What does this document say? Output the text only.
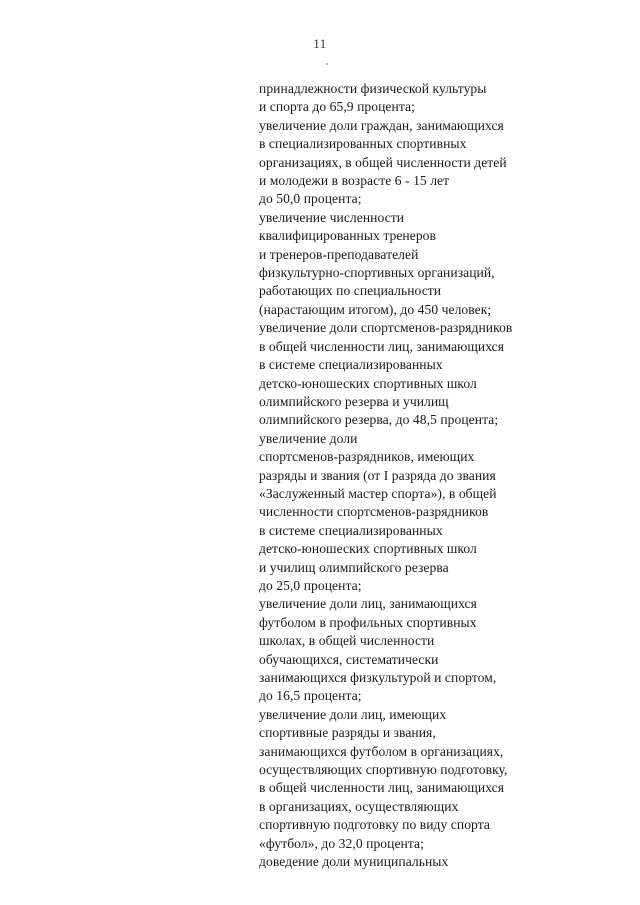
11
принадлежности физической культуры
и спорта до 65,9 процента;
увеличение доли граждан, занимающихся
в специализированных спортивных
организациях, в общей численности детей
и молодежи в возрасте 6 - 15 лет
до 50,0 процента;
увеличение численности
квалифицированных тренеров
и тренеров-преподавателей
физкультурно-спортивных организаций,
работающих по специальности
(нарастающим итогом), до 450 человек;
увеличение доли спортсменов-разрядников
в общей численности лиц, занимающихся
в системе специализированных
детско-юношеских спортивных школ
олимпийского резерва и училищ
олимпийского резерва, до 48,5 процента;
увеличение доли
спортсменов-разрядников, имеющих
разряды и звания (от I разряда до звания
«Заслуженный мастер спорта»), в общей
численности спортсменов-разрядников
в системе специализированных
детско-юношеских спортивных школ
и училищ олимпийского резерва
до 25,0 процента;
увеличение доли лиц, занимающихся
футболом в профильных спортивных
школах, в общей численности
обучающихся, систематически
занимающихся физкультурой и спортом,
до 16,5 процента;
увеличение доли лиц, имеющих
спортивные разряды и звания,
занимающихся футболом в организациях,
осуществляющих спортивную подготовку,
в общей численности лиц, занимающихся
в организациях, осуществляющих
спортивную подготовку по виду спорта
«футбол», до 32,0 процента;
доведение доли муниципальных
